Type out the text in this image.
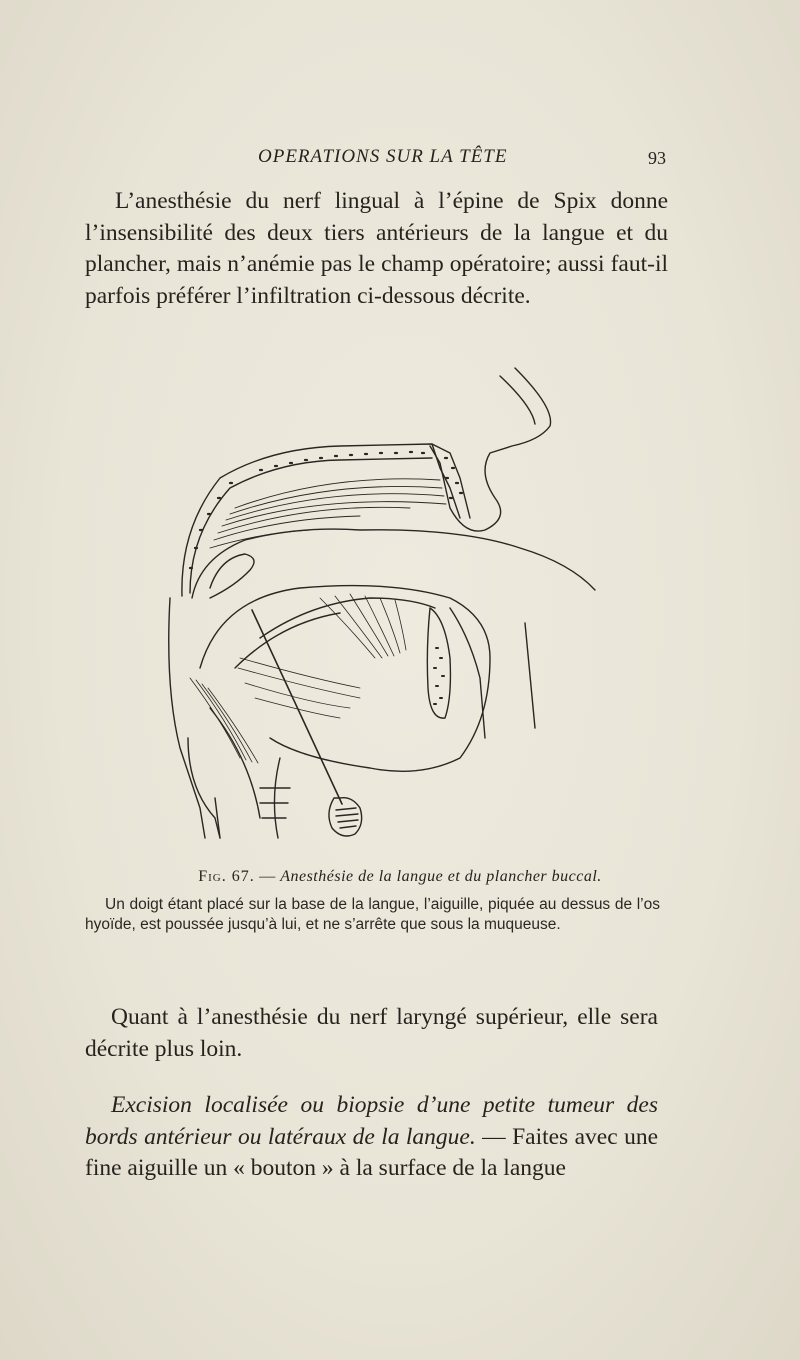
OPERATIONS SUR LA TÊTE	93

L’anesthésie du nerf lingual à l’épine de Spix donne l’insensibilité des deux tiers antérieurs de la langue et du plancher, mais n’anémie pas le champ opératoire; aussi faut-il parfois préférer l’infiltration ci-dessous décrite.

Fig. 67. — Anesthésie de la langue et du plancher buccal.

Un doigt étant placé sur la base de la langue, l’aiguille, piquée au dessus de l’os hyoïde, est poussée jusqu’à lui, et ne s’arrête que sous la muqueuse.

Quant à l’anesthésie du nerf laryngé supérieur, elle sera décrite plus loin.

Excision localisée ou biopsie d’une petite tumeur des bords antérieur ou latéraux de la langue. — Faites avec une fine aiguille un « bouton » à la surface de la langue
